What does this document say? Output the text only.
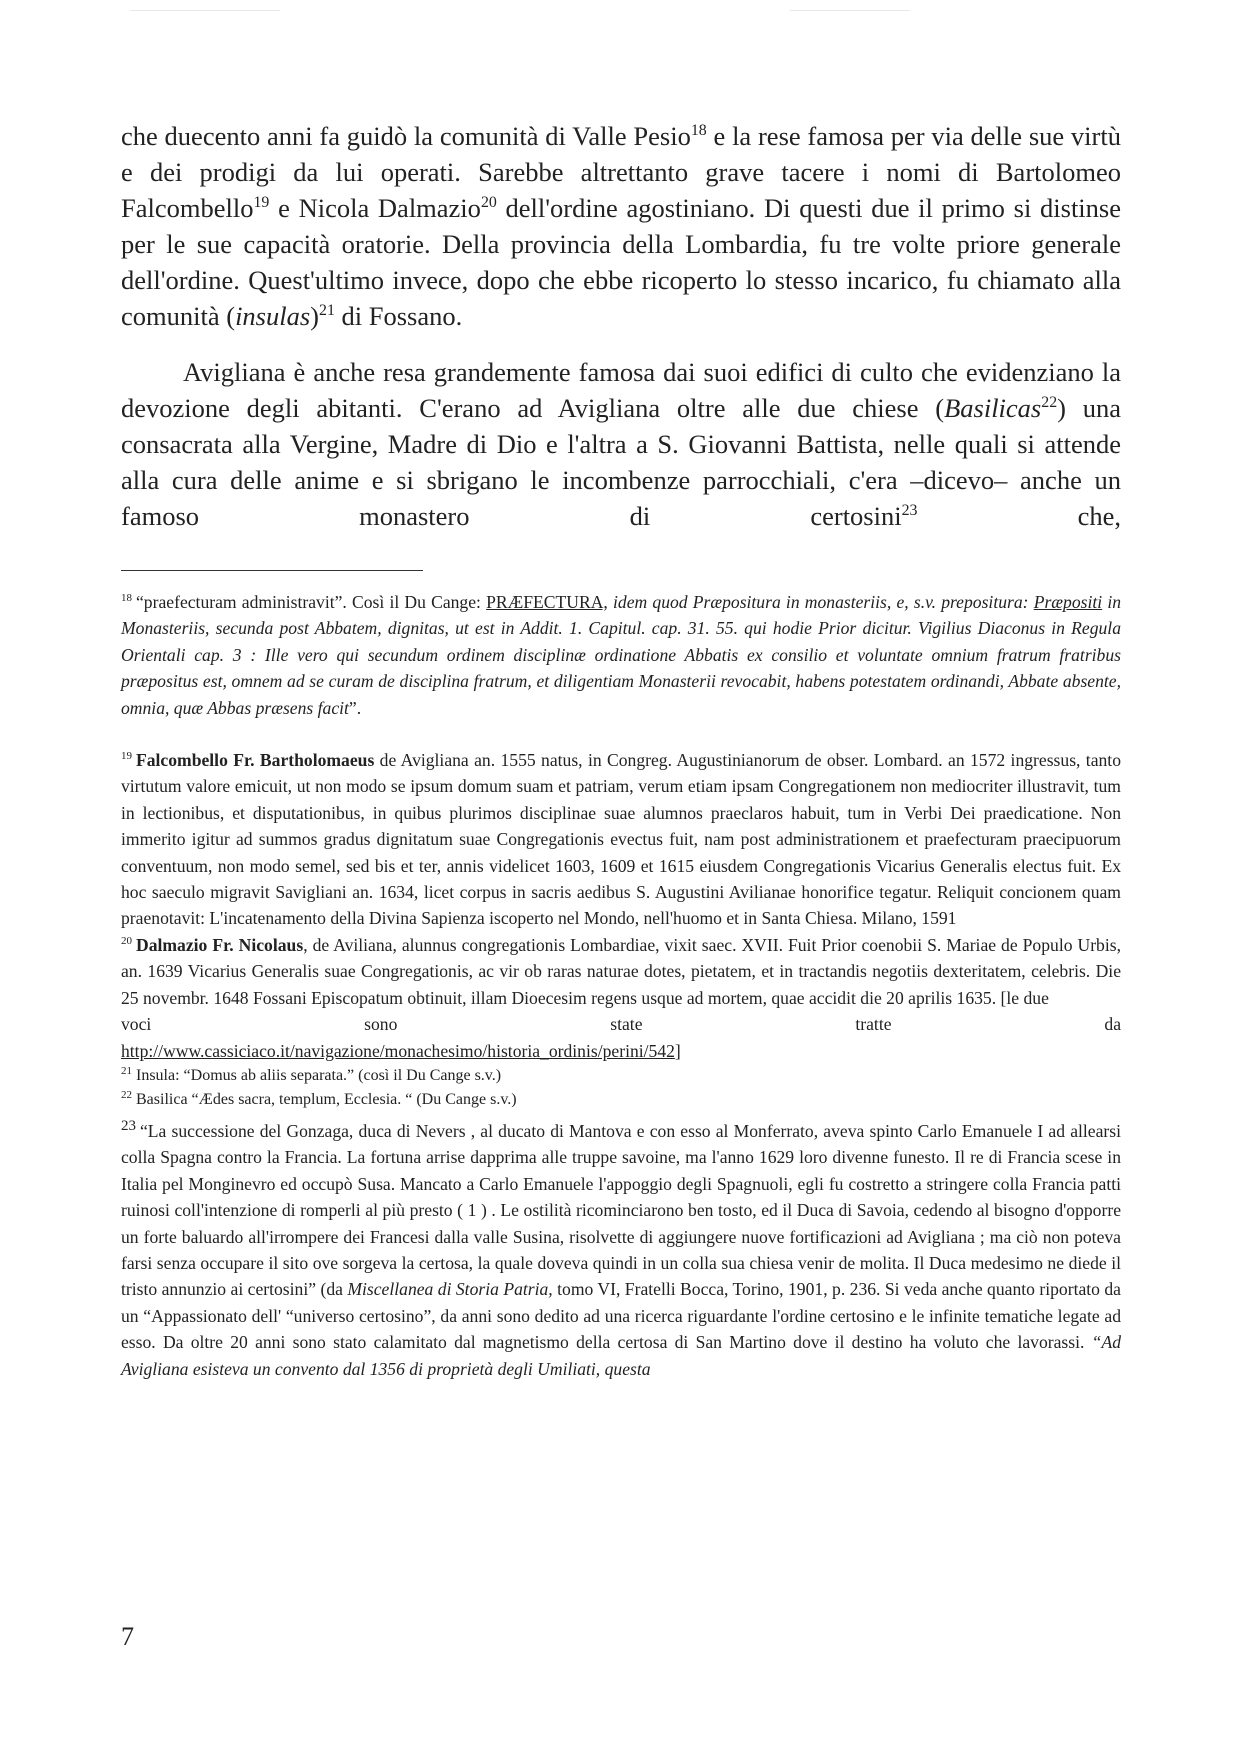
che duecento anni fa guidò la comunità di Valle Pesio$^{18}$ e la rese famosa per via delle sue virtù e dei prodigi da lui operati. Sarebbe altrettanto grave tacere i nomi di Bartolomeo Falcombello$^{19}$ e Nicola Dalmazio$^{20}$ dell'ordine agostiniano. Di questi due il primo si distinse per le sue capacità oratorie. Della provincia della Lombardia, fu tre volte priore generale dell'ordine. Quest'ultimo invece, dopo che ebbe ricoperto lo stesso incarico, fu chiamato alla comunità (insulas)$^{21}$ di Fossano.

Avigliana è anche resa grandemente famosa dai suoi edifici di culto che evidenziano la devozione degli abitanti. C'erano ad Avigliana oltre alle due chiese (Basilicas$^{22}$) una consacrata alla Vergine, Madre di Dio e l'altra a S. Giovanni Battista, nelle quali si attende alla cura delle anime e si sbrigano le incombenze parrocchiali, c'era –dicevo– anche un famoso monastero di certosini$^{23}$ che,

$^{18}$ “praefecturam administravit”. Così il Du Cange: PRÆFECTURA, idem quod Præpositura in monasteriis, e, s.v. prepositura: Præpositi in Monasteriis, secunda post Abbatem, dignitas, ut est in Addit. 1. Capitul. cap. 31. 55. qui hodie Prior dicitur. Vigilius Diaconus in Regula Orientali cap. 3 : Ille vero qui secundum ordinem disciplinæ ordinatione Abbatis ex consilio et voluntate omnium fratrum fratribus præpositus est, omnem ad se curam de disciplina fratrum, et diligentiam Monasterii revocabit, habens potestatem ordinandi, Abbate absente, omnia, quæ Abbas præsens facit”.

$^{19}$ Falcombello Fr. Bartholomaeus de Avigliana an. 1555 natus, in Congreg. Augustinianorum de obser. Lombard. an 1572 ingressus, tanto virtutum valore emicuit, ut non modo se ipsum domum suam et patriam, verum etiam ipsam Congregationem non mediocriter illustravit, tum in lectionibus, et disputationibus, in quibus plurimos disciplinae suae alumnos praeclaros habuit, tum in Verbi Dei praedicatione. Non immerito igitur ad summos gradus dignitatum suae Congregationis evectus fuit, nam post administrationem et praefecturam praecipuorum conventuum, non modo semel, sed bis et ter, annis videlicet 1603, 1609 et 1615 eiusdem Congregationis Vicarius Generalis electus fuit. Ex hoc saeculo migravit Savigliani an. 1634, licet corpus in sacris aedibus S. Augustini Avilianae honorifice tegatur. Reliquit concionem quam praenotavit: L'incatenamento della Divina Sapienza iscoperto nel Mondo, nell'huomo et in Santa Chiesa. Milano, 1591

$^{20}$ Dalmazio Fr. Nicolaus, de Aviliana, alunnus congregationis Lombardiae, vixit saec. XVII. Fuit Prior coenobii S. Mariae de Populo Urbis, an. 1639 Vicarius Generalis suae Congregationis, ac vir ob raras naturae dotes, pietatem, et in tractandis negotiis dexteritatem, celebris. Die 25 novembr. 1648 Fossani Episcopatum obtinuit, illam Dioecesim regens usque ad mortem, quae accidit die 20 aprilis 1635. [le due
voci	sono	state	tratte	da
http://www.cassiciaco.it/navigazione/monachesimo/historia_ordinis/perini/542]

$^{21}$ Insula: “Domus ab aliis separata.” (così il Du Cange s.v.)

$^{22}$ Basilica “Ædes sacra, templum, Ecclesia. “ (Du Cange s.v.)

23 “La successione del Gonzaga, duca di Nevers , al ducato di Mantova e con esso al Monferrato, aveva spinto Carlo Emanuele I ad allearsi colla Spagna contro la Francia. La fortuna arrise dapprima alle truppe savoine, ma l'anno 1629 loro divenne funesto. Il re di Francia scese in Italia pel Monginevro ed occupò Susa. Mancato a Carlo Emanuele l'appoggio degli Spagnuoli, egli fu costretto a stringere colla Francia patti ruinosi coll'intenzione di romperli al più presto ( 1 ) . Le ostilità ricominciarono ben tosto, ed il Duca di Savoia, cedendo al bisogno d'opporre un forte baluardo all'irrompere dei Francesi dalla valle Susina, risolvette di aggiungere nuove fortificazioni ad Avigliana ; ma ciò non poteva farsi senza occupare il sito ove sorgeva la certosa, la quale doveva quindi in un colla sua chiesa venir de molita. Il Duca medesimo ne diede il tristo annunzio ai certosini” (da Miscellanea di Storia Patria, tomo VI, Fratelli Bocca, Torino, 1901, p. 236. Si veda anche quanto riportato da un “Appassionato dell' “universo certosino”, da anni sono dedito ad una ricerca riguardante l'ordine certosino e le infinite tematiche legate ad esso. Da oltre 20 anni sono stato calamitato dal magnetismo della certosa di San Martino dove il destino ha voluto che lavorassi. “Ad Avigliana esisteva un convento dal 1356 di proprietà degli Umiliati, questa

7
